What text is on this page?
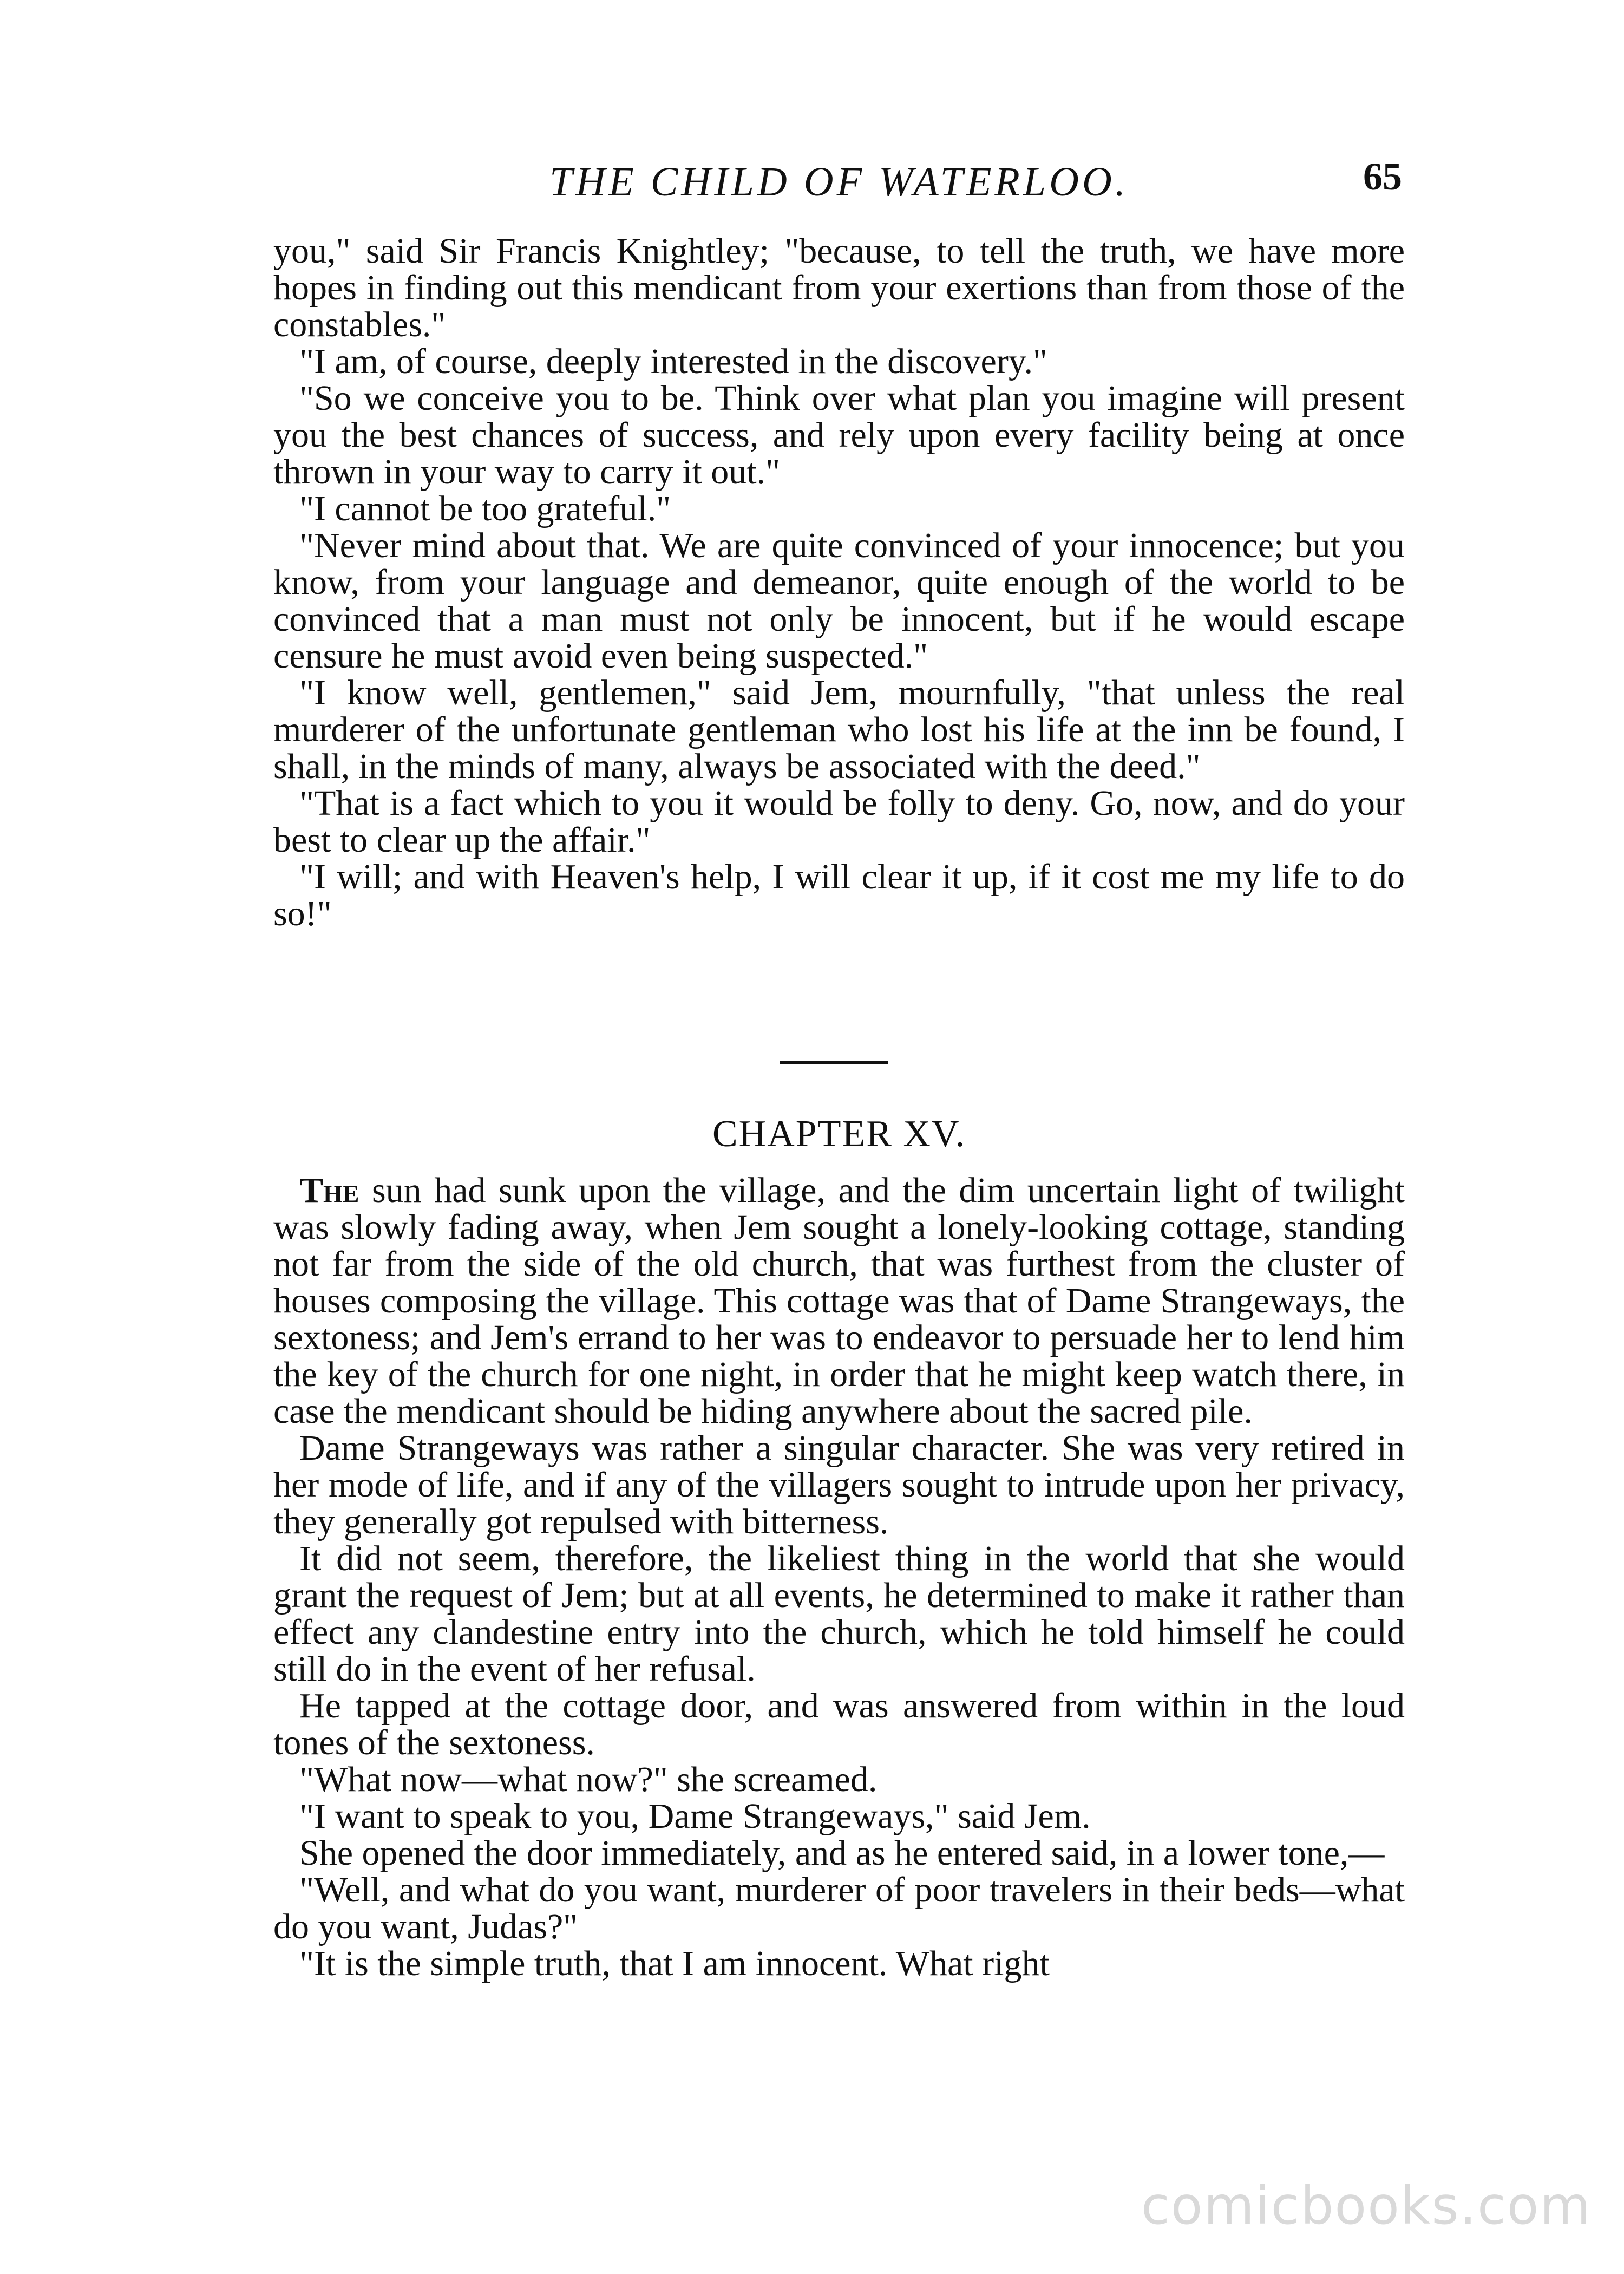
THE CHILD OF WATERLOO.	65

you," said Sir Francis Knightley; "because, to tell the truth, we have more hopes in finding out this mendicant from your exertions than from those of the constables."

"I am, of course, deeply interested in the discovery."

"So we conceive you to be. Think over what plan you imagine will present you the best chances of success, and rely upon every facility being at once thrown in your way to carry it out."

"I cannot be too grateful."

"Never mind about that. We are quite convinced of your innocence; but you know, from your language and demeanor, quite enough of the world to be convinced that a man must not only be innocent, but if he would escape censure he must avoid even being suspected."

"I know well, gentlemen," said Jem, mournfully, "that unless the real murderer of the unfortunate gentleman who lost his life at the inn be found, I shall, in the minds of many, always be associated with the deed."

"That is a fact which to you it would be folly to deny. Go, now, and do your best to clear up the affair."

"I will; and with Heaven's help, I will clear it up, if it cost me my life to do so!"

CHAPTER XV.

The sun had sunk upon the village, and the dim uncertain light of twilight was slowly fading away, when Jem sought a lonely-looking cottage, standing not far from the side of the old church, that was furthest from the cluster of houses composing the village. This cottage was that of Dame Strangeways, the sextoness; and Jem's errand to her was to endeavor to persuade her to lend him the key of the church for one night, in order that he might keep watch there, in case the mendicant should be hiding anywhere about the sacred pile.

Dame Strangeways was rather a singular character. She was very retired in her mode of life, and if any of the villagers sought to intrude upon her privacy, they generally got repulsed with bitterness.

It did not seem, therefore, the likeliest thing in the world that she would grant the request of Jem; but at all events, he determined to make it rather than effect any clandestine entry into the church, which he told himself he could still do in the event of her refusal.

He tapped at the cottage door, and was answered from within in the loud tones of the sextoness.

"What now—what now?" she screamed.

"I want to speak to you, Dame Strangeways," said Jem.

She opened the door immediately, and as he entered said, in a lower tone,—

"Well, and what do you want, murderer of poor travelers in their beds—what do you want, Judas?"

"It is the simple truth, that I am innocent. What right

comicbooks.com
